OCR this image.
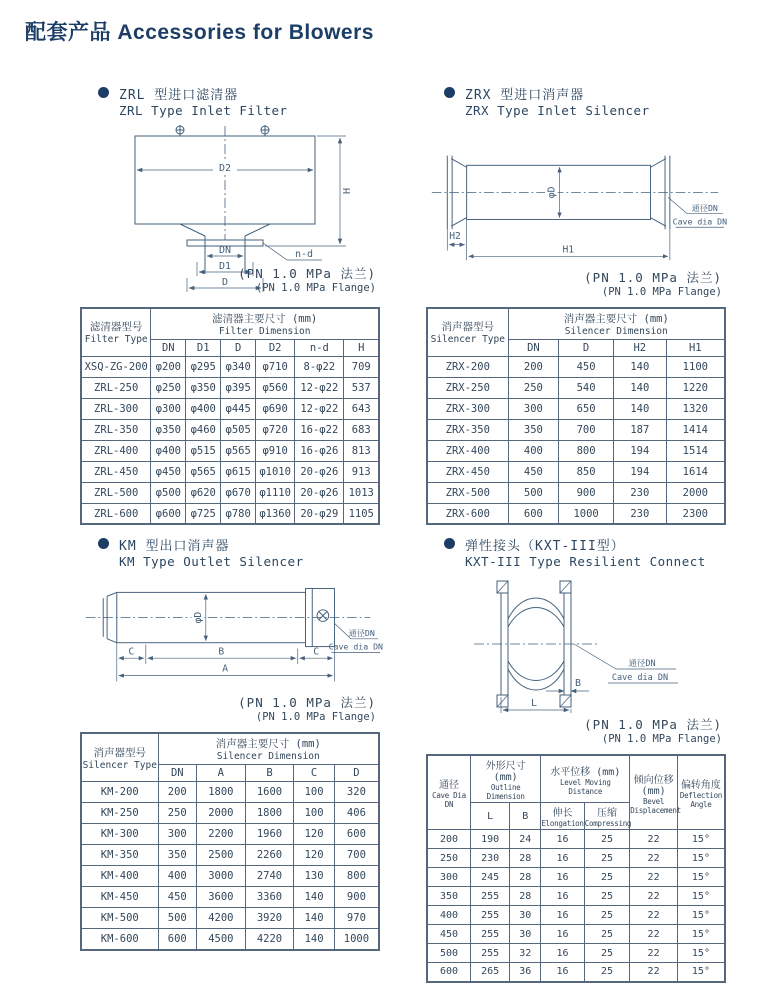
配套产品 Accessories for Blowers
ZRL 型进口滤清器
ZRL Type Inlet Filter
D2
DN
D1
D
n-d
H
(PN 1.0 MPa 法兰)
(PN 1.0 MPa Flange)
滤清器型号
Filter Type

滤清器主要尺寸 (mm)
Filter Dimension

	DN	D1	D	D2	n-d	H
XSQ-ZG-200	φ200	φ295	φ340	φ710	8-φ22	709
ZRL-250	φ250	φ350	φ395	φ560	12-φ22	537
ZRL-300	φ300	φ400	φ445	φ690	12-φ22	643
ZRL-350	φ350	φ460	φ505	φ720	16-φ22	683
ZRL-400	φ400	φ515	φ565	φ910	16-φ26	813
ZRL-450	φ450	φ565	φ615	φ1010	20-φ26	913
ZRL-500	φ500	φ620	φ670	φ1110	20-φ26	1013
ZRL-600	φ600	φ725	φ780	φ1360	20-φ29	1105
ZRX 型进口消声器
ZRX Type Inlet Silencer
φD
通径DN
Cave dia DN
H2
H1
(PN 1.0 MPa 法兰)
(PN 1.0 MPa Flange)
消声器型号
Silencer Type

消声器主要尺寸 (mm)
Silencer Dimension

	DN	D	H2	H1
ZRX-200	200	450	140	1100
ZRX-250	250	540	140	1220
ZRX-300	300	650	140	1320
ZRX-350	350	700	187	1414
ZRX-400	400	800	194	1514
ZRX-450	450	850	194	1614
ZRX-500	500	900	230	2000
ZRX-600	600	1000	230	2300
KM 型出口消声器
KM Type Outlet Silencer
φD
通径DN
Cave dia DN
C	B	C
A
(PN 1.0 MPa 法兰)
(PN 1.0 MPa Flange)
消声器型号
Silencer Type

消声器主要尺寸 (mm)
Silencer Dimension

	DN	A	B	C	D
KM-200	200	1800	1600	100	320
KM-250	250	2000	1800	100	406
KM-300	300	2200	1960	120	600
KM-350	350	2500	2260	120	700
KM-400	400	3000	2740	130	800
KM-450	450	3600	3360	140	900
KM-500	500	4200	3920	140	970
KM-600	600	4500	4220	140	1000
弹性接头（KXT-III型）
KXT-III Type Resilient Connect
通径DN
Cave dia DN
B
L
(PN 1.0 MPa 法兰)
(PN 1.0 MPa Flange)
通径
Cave Dia DN

外形尺寸 (mm)
Outline Dimension

水平位移 (mm)
Level Moving Distance

倾向位移
(mm)
Bevel Displacement

偏转角度
Deflection Angle

L	B	伸长
Elongation

压缩
Compressing

200	190	24	16	25	22	15°
250	230	28	16	25	22	15°
300	245	28	16	25	22	15°
350	255	28	16	25	22	15°
400	255	30	16	25	22	15°
450	255	30	16	25	22	15°
500	255	32	16	25	22	15°
600	265	36	16	25	22	15°
